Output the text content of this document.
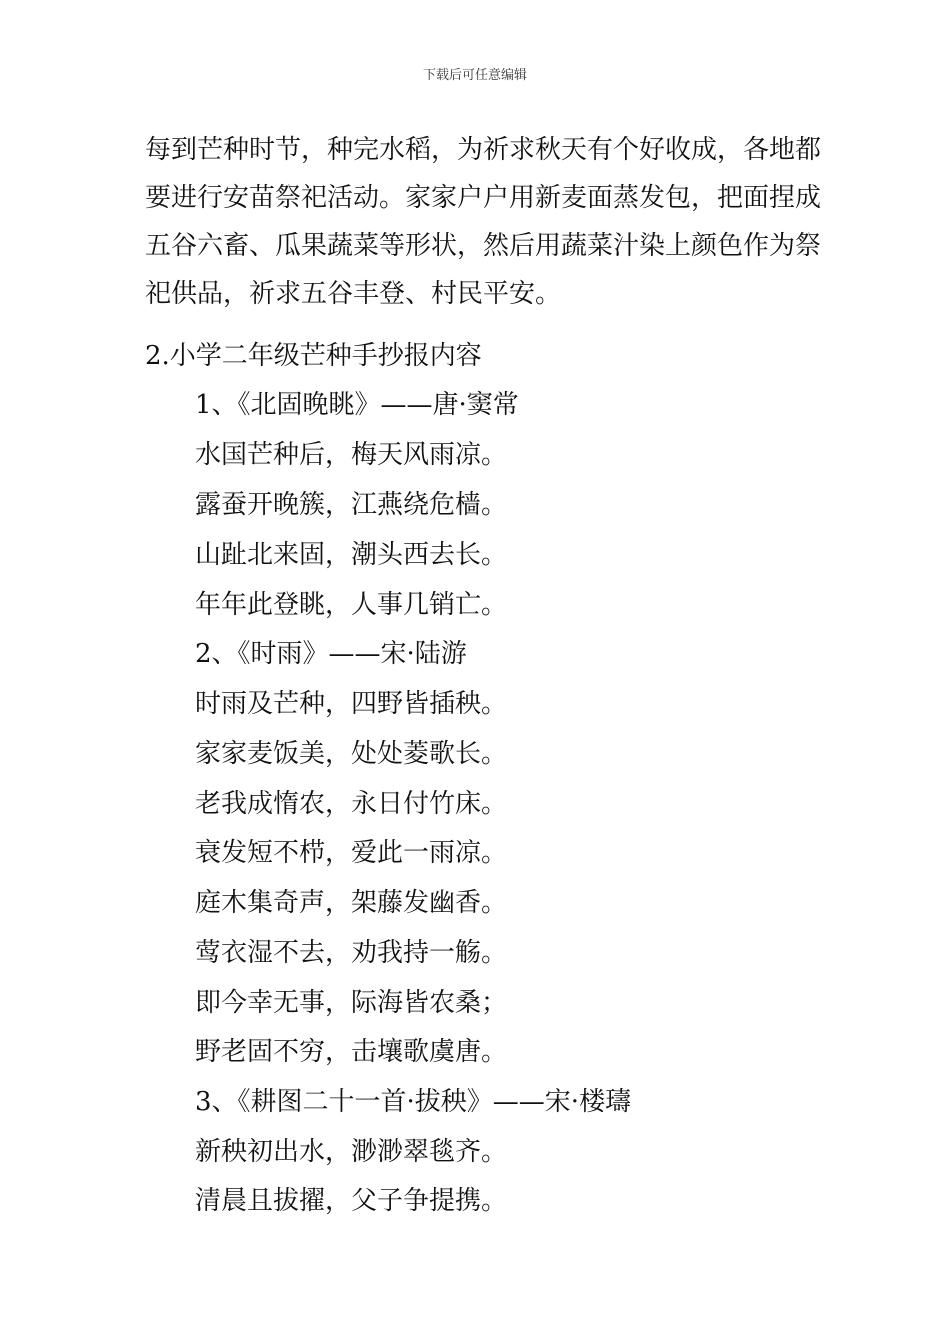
下载后可任意编辑
每到芒种时节，种完水稻，为祈求秋天有个好收成，各地都要进行安苗祭祀活动。家家户户用新麦面蒸发包，把面捏成五谷六畜、瓜果蔬菜等形状，然后用蔬菜汁染上颜色作为祭祀供品，祈求五谷丰登、村民平安。
2.小学二年级芒种手抄报内容
1、《北固晚眺》——唐·窦常
水国芒种后，梅天风雨凉。
露蚕开晚簇，江燕绕危樯。
山趾北来固，潮头西去长。
年年此登眺，人事几销亡。
2、《时雨》——宋·陆游
时雨及芒种，四野皆插秧。
家家麦饭美，处处菱歌长。
老我成惰农，永日付竹床。
衰发短不栉，爱此一雨凉。
庭木集奇声，架藤发幽香。
莺衣湿不去，劝我持一觞。
即今幸无事，际海皆农桑；
野老固不穷，击壤歌虞唐。
3、《耕图二十一首·拔秧》——宋·楼璹
新秧初出水，渺渺翠毯齐。
清晨且拔擢，父子争提携。
